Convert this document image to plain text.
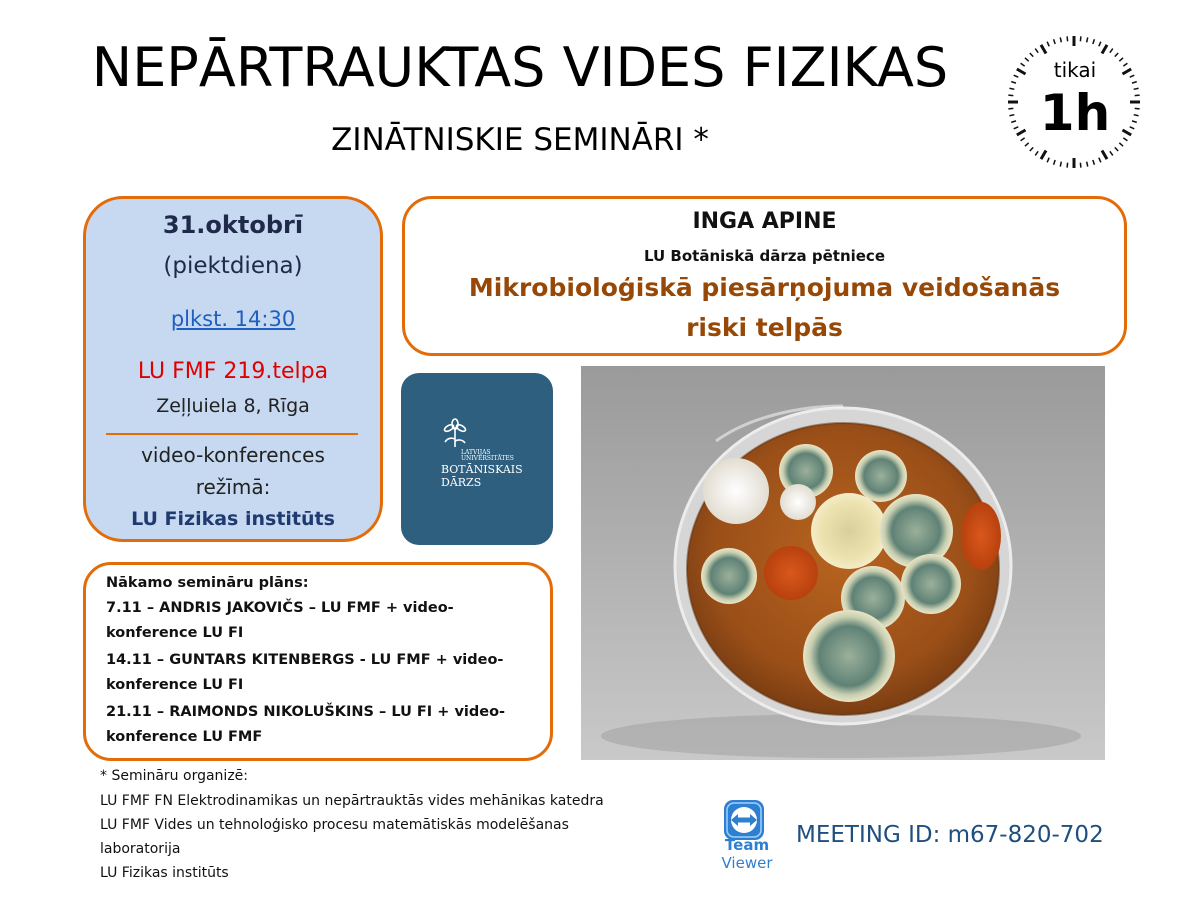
NEPĀRTRAUKTAS VIDES FIZIKAS
ZINĀTNISKIE SEMINĀRI *
tikai
1h
31.oktobrī
(piektdiena)
plkst. 14:30
LU FMF 219.telpa
Zeļļuiela 8, Rīga
video-konferences
režīmā:
LU Fizikas institūts
INGA APINE
LU Botāniskā dārza pētniece
Mikrobioloģiskā piesārņojuma veidošanās
riski telpās
LATVIJAS
UNIVERSITĀTES
BOTĀNISKAIS
DĀRZS
Nākamo semināru plāns:
7.11 – ANDRIS JAKOVIČS – LU FMF + video-
konference LU FI
14.11 – GUNTARS KITENBERGS - LU FMF + video-
konference LU FI
21.11 – RAIMONDS NIKOLUŠKINS – LU FI + video-
konference LU FMF
* Semināru organizē:
LU FMF FN Elektrodinamikas un nepārtrauktās vides mehānikas katedra
LU FMF Vides un tehnoloģisko procesu matemātiskās modelēšanas
laboratorija
LU Fizikas institūts
Team
Viewer
MEETING ID: m67-820-702
